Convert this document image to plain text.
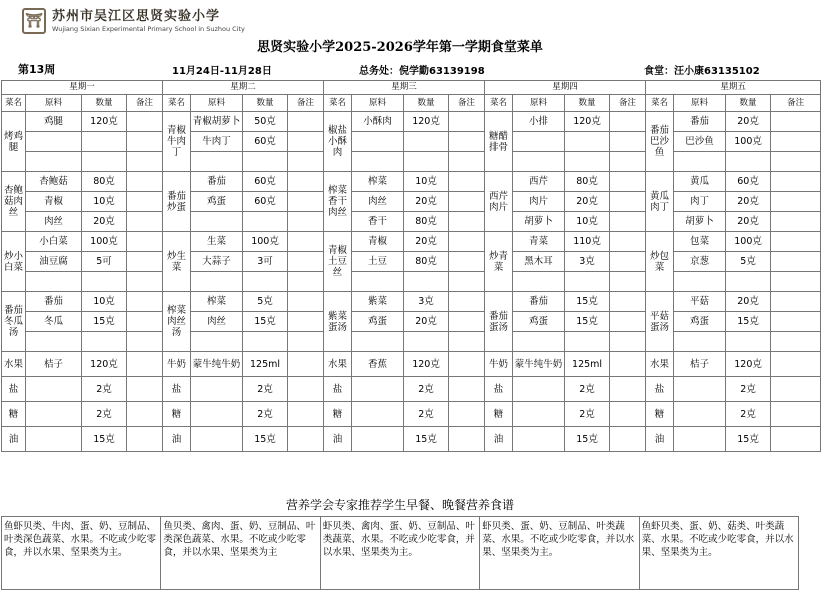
⛩ 苏州市吴江区思贤实验小学
Wujiang Sixian Experimental Primary School in Suzhou City
思贤实验小学2025-2026学年第一学期食堂菜单
第13周	11月24日-11月28日	总务处：倪学勤63139198	食堂：汪小康63135102
星期一				星期二				星期三				星期四				星期五			
菜名	原料	数量	备注	菜名	原料	数量	备注	菜名	原料	数量	备注	菜名	原料	数量	备注	菜名	原料	数量	备注
烤鸡腿	鸡腿	120克		青椒牛肉丁	青椒胡萝卜	50克		椒盐小酥肉	小酥肉	120克		糖醋排骨	小排	120克		番茄巴沙鱼	番茄	20克	
					牛肉丁	60克											巴沙鱼	100克	

杏鲍菇肉丝	杏鲍菇	80克		番茄炒蛋	番茄	60克		榨菜香干肉丝	榨菜	10克		西芹肉片	西芹	80克		黄瓜肉丁	黄瓜	60克	
	青椒	10克			鸡蛋	60克			肉丝	20克			肉片	20克			肉丁	20克	
	肉丝	20克							香干	80克			胡萝卜	10克			胡萝卜	20克	
炒小白菜	小白菜	100克		炒生菜	生菜	100克		青椒土豆丝	青椒	20克		炒青菜	青菜	110克		炒包菜	包菜	100克	
	油豆腐	5可			大蒜子	3可			土豆	80克			黑木耳	3克			京葱	5克	

番茄冬瓜汤	番茄	10克		榨菜肉丝汤	榨菜	5克		紫菜蛋汤	紫菜	3克		番茄蛋汤	番茄	15克		平菇蛋汤	平菇	20克	
	冬瓜	15克			肉丝	15克			鸡蛋	20克			鸡蛋	15克			鸡蛋	15克	

水果	桔子	120克		牛奶	蒙牛纯牛奶	125ml		水果	香蕉	120克		牛奶	蒙牛纯牛奶	125ml		水果	桔子	120克	
盐		2克		盐		2克		盐		2克		盐		2克		盐		2克	
糖		2克		糖		2克		糖		2克		糖		2克		糖		2克	
油		15克		油		15克		油		15克		油		15克		油		15克	
营养学会专家推荐学生早餐、晚餐营养食谱
鱼虾贝类、牛肉、蛋、奶、豆制品、叶类深色蔬菜、水果。不吃或少吃零食，并以水果、坚果类为主。
鱼贝类、禽肉、蛋、奶、豆制品、叶类深色蔬菜、水果。不吃或少吃零食，并以水果、坚果类为主
虾贝类、禽肉、蛋、奶、豆制品、叶类蔬菜、水果。不吃或少吃零食，并以水果、坚果类为主。
虾贝类、蛋、奶、豆制品、叶类蔬菜、水果。不吃或少吃零食，并以水果、坚果类为主。
鱼虾贝类、蛋、奶、菇类、叶类蔬菜、水果。不吃或少吃零食，并以水果、坚果类为主。
